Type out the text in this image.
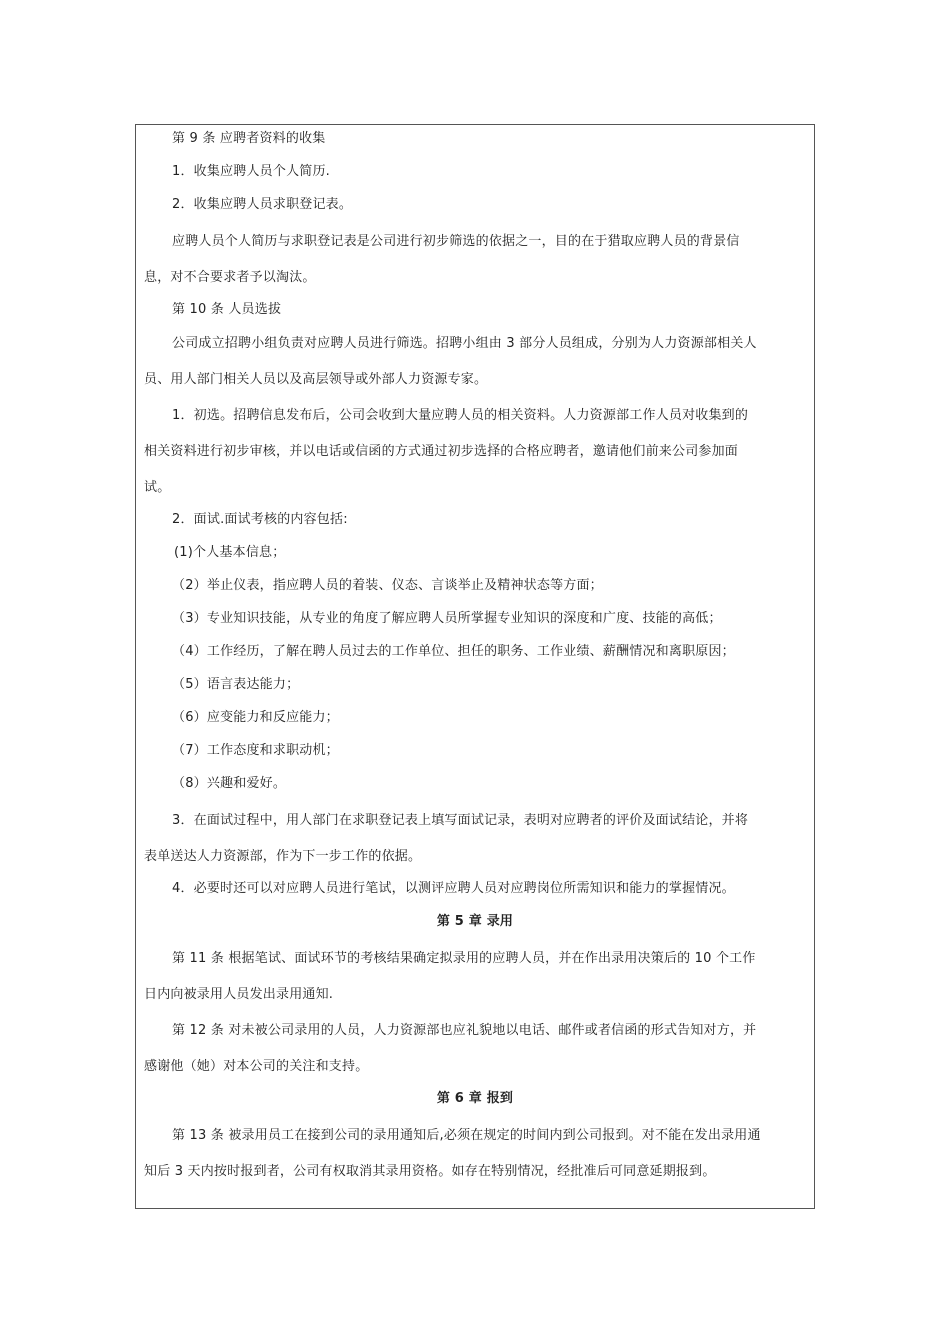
第 9 条 应聘者资料的收集
1．收集应聘人员个人简历.
2．收集应聘人员求职登记表。
应聘人员个人简历与求职登记表是公司进行初步筛选的依据之一，目的在于猎取应聘人员的背景信
息，对不合要求者予以淘汰。
第 10 条 人员选拔
公司成立招聘小组负责对应聘人员进行筛选。招聘小组由 3 部分人员组成，分别为人力资源部相关人
员、用人部门相关人员以及高层领导或外部人力资源专家。
1．初选。招聘信息发布后，公司会收到大量应聘人员的相关资料。人力资源部工作人员对收集到的
相关资料进行初步审核，并以电话或信函的方式通过初步选择的合格应聘者，邀请他们前来公司参加面
试。
2．面试.面试考核的内容包括:
(1)个人基本信息；
（2）举止仪表，指应聘人员的着装、仪态、言谈举止及精神状态等方面；
（3）专业知识技能，从专业的角度了解应聘人员所掌握专业知识的深度和广度、技能的高低；
（4）工作经历，了解在聘人员过去的工作单位、担任的职务、工作业绩、薪酬情况和离职原因；
（5）语言表达能力；
（6）应变能力和反应能力；
（7）工作态度和求职动机；
（8）兴趣和爱好。
3．在面试过程中，用人部门在求职登记表上填写面试记录，表明对应聘者的评价及面试结论，并将
表单送达人力资源部，作为下一步工作的依据。
4．必要时还可以对应聘人员进行笔试，以测评应聘人员对应聘岗位所需知识和能力的掌握情况。
第 5 章 录用
第 11 条 根据笔试、面试环节的考核结果确定拟录用的应聘人员，并在作出录用决策后的 10 个工作
日内向被录用人员发出录用通知.
第 12 条 对未被公司录用的人员，人力资源部也应礼貌地以电话、邮件或者信函的形式告知对方，并
感谢他（她）对本公司的关注和支持。
第 6 章 报到
第 13 条 被录用员工在接到公司的录用通知后,必须在规定的时间内到公司报到。对不能在发出录用通
知后 3 天内按时报到者，公司有权取消其录用资格。如存在特别情况，经批准后可同意延期报到。
